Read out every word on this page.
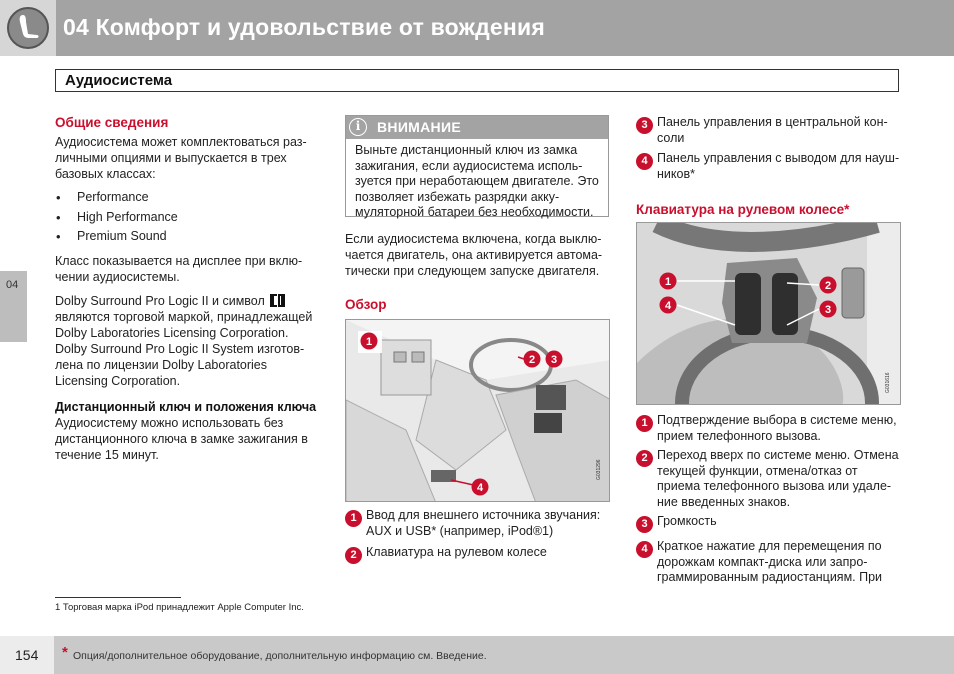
04 Комфорт и удовольствие от вождения
Аудиосистема
04
Общие сведения

Аудиосистема может комплектоваться раз-личными опциями и выпускается в трех базовых классах:

• Performance
• High Performance
• Premium Sound

Класс показывается на дисплее при вклю-чении аудиосистемы.

Dolby Surround Pro Logic II и символ
являются торговой маркой, принадлежащей Dolby Laboratories Licensing Corporation. Dolby Surround Pro Logic II System изготов-лена по лицензии Dolby Laboratories Licensing Corporation.

Дистанционный ключ и положения ключа

Аудиосистему можно использовать без дистанционного ключа в замке зажигания в течение 15 минут.

i	ВНИМАНИЕ
Выньте дистанционный ключ из замка зажигания, если аудиосистема исполь-зуется при неработающем двигателе. Это позволяет избежать разрядки акку-муляторной батареи без необходимости.
Если аудиосистема включена, когда выклю-чается двигатель, она активируется автома-тически при следующем запуске двигателя.
Обзор
1
2 3
4
G031296
1 Ввод для внешнего источника звучания: AUX и USB* (например, iPod®1)
2 Клавиатура на рулевом колесе
3 Панель управления в центральной кон-соли
4 Панель управления с выводом для науш-ников*
Клавиатура на рулевом колесе*
1
4
2
3
G031616
1 Подтверждение выбора в системе меню, прием телефонного вызова.
2 Переход вверх по системе меню. Отмена текущей функции, отмена/отказ от приема телефонного вызова или удале-ние введенных знаков.
3 Громкость
4 Краткое нажатие для перемещения по дорожкам компакт-диска или запро-граммированным радиостанциям. При
1 Торговая марка iPod принадлежит Apple Computer Inc.
154 * Опция/дополнительное оборудование, дополнительную информацию см. Введение.
